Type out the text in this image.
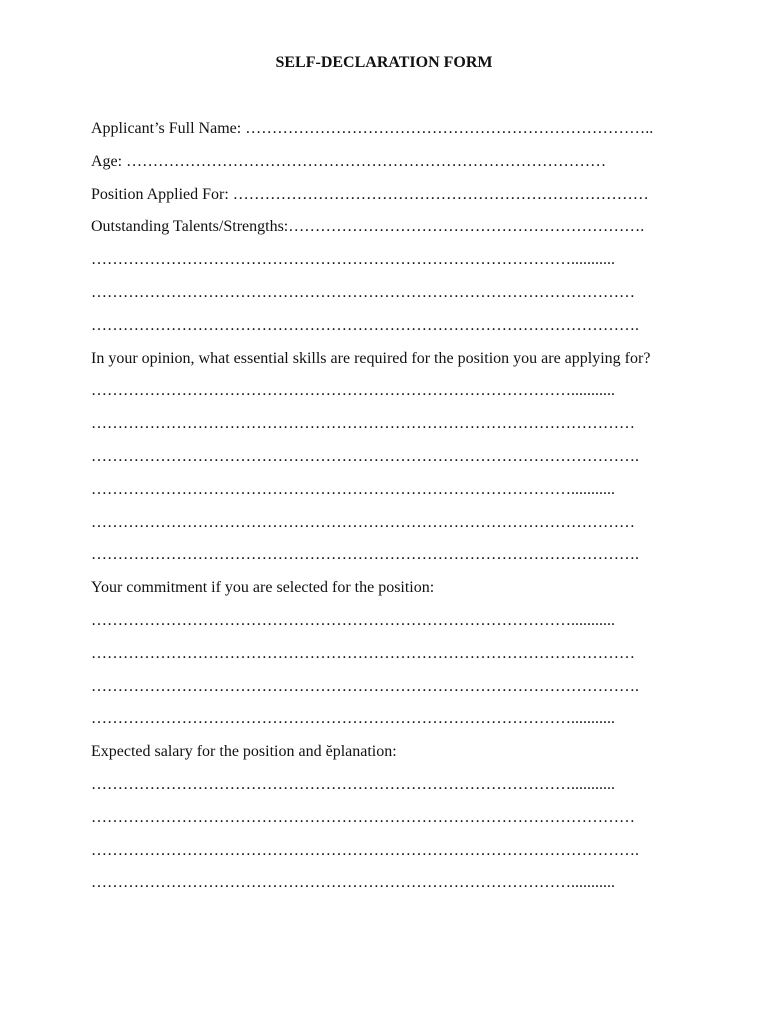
SELF-DECLARATION FORM
Applicant’s Full Name: …………………………………………………………………..
Age: ………………………………………………………………………………
Position Applied For: ……………………………………………………………………
Outstanding Talents/Strengths:………………………………………………………….
………………………………………………………………………………...........
…………………………………………………………………………………………
………………………………………………………………………………………….
In your opinion, what essential skills are required for the position you are applying for?
………………………………………………………………………………...........
…………………………………………………………………………………………
………………………………………………………………………………………….
………………………………………………………………………………...........
…………………………………………………………………………………………
………………………………………………………………………………………….
Your commitment if you are selected for the position:
………………………………………………………………………………...........
…………………………………………………………………………………………
………………………………………………………………………………………….
………………………………………………………………………………...........
Expected salary for the position and ĕplanation:
………………………………………………………………………………...........
…………………………………………………………………………………………
………………………………………………………………………………………….
………………………………………………………………………………...........
